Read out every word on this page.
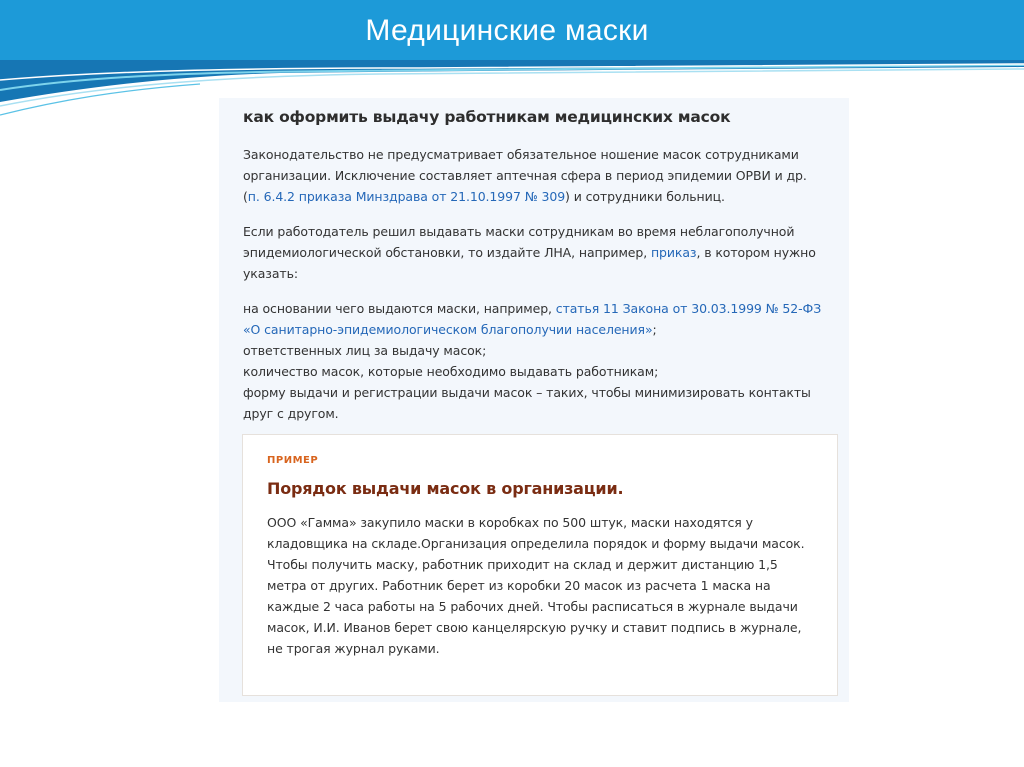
Медицинские маски
как оформить выдачу работникам медицинских масок

Законодательство не предусматривает обязательное ношение масок сотрудниками организации. Исключение составляет аптечная сфера в период эпидемии ОРВИ и др. (п. 6.4.2 приказа Минздрава от 21.10.1997 № 309) и сотрудники больниц.

Если работодатель решил выдавать маски сотрудникам во время неблагополучной эпидемиологической обстановки, то издайте ЛНА, например, приказ, в котором нужно указать:

на основании чего выдаются маски, например, статья 11 Закона от 30.03.1999 № 52-ФЗ «О санитарно-эпидемиологическом благополучии населения»;
ответственных лиц за выдачу масок;
количество масок, которые необходимо выдавать работникам;
форму выдачи и регистрации выдачи масок – таких, чтобы минимизировать контакты друг с другом.

ПРИМЕР
Порядок выдачи масок в организации.

ООО «Гамма» закупило маски в коробках по 500 штук, маски находятся у кладовщика на складе.Организация определила порядок и форму выдачи масок. Чтобы получить маску, работник приходит на склад и держит дистанцию 1,5 метра от других. Работник берет из коробки 20 масок из расчета 1 маска на каждые 2 часа работы на 5 рабочих дней. Чтобы расписаться в журнале выдачи масок, И.И. Иванов берет свою канцелярскую ручку и ставит подпись в журнале, не трогая журнал руками.
